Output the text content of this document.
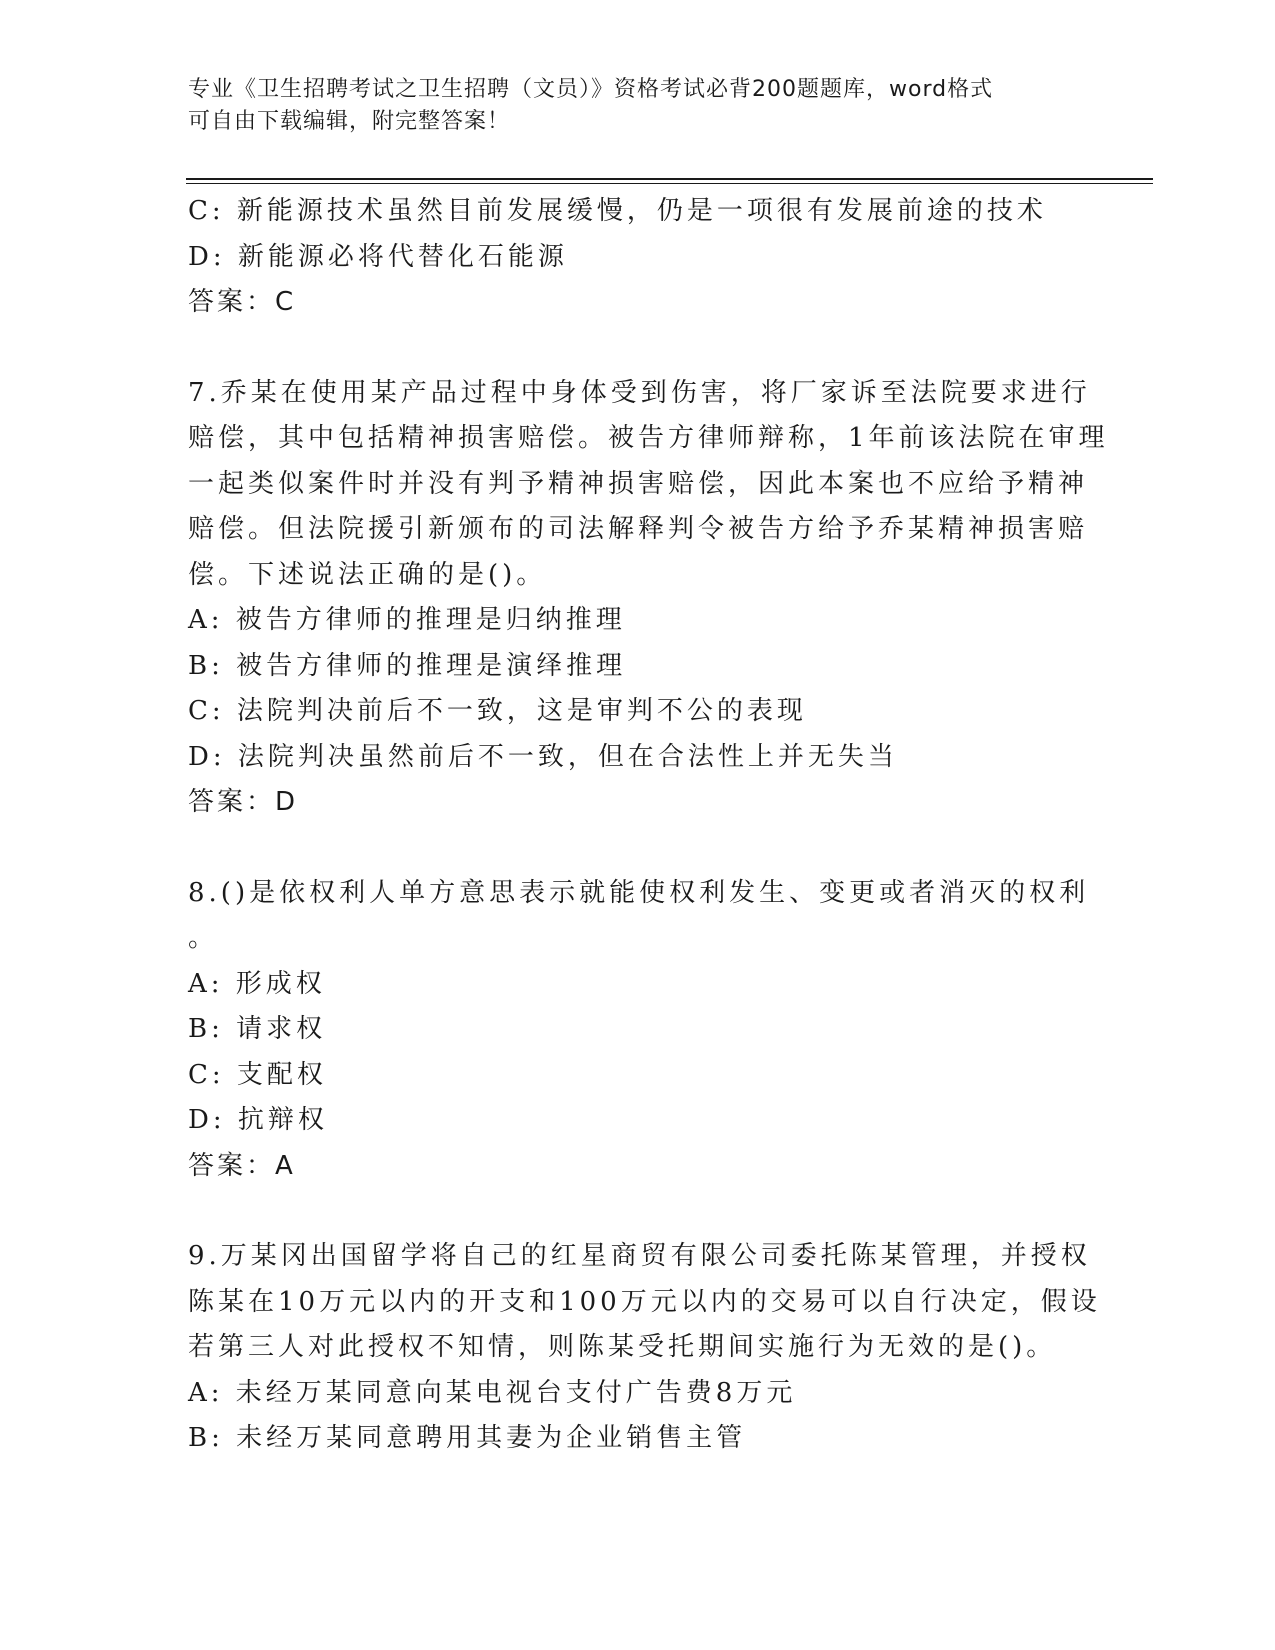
专业《卫生招聘考试之卫生招聘（文员）》资格考试必背200题题库，word格式
可自由下载编辑，附完整答案！
C: 新能源技术虽然目前发展缓慢，仍是一项很有发展前途的技术
D: 新能源必将代替化石能源
答案：C
7.乔某在使用某产品过程中身体受到伤害，将厂家诉至法院要求进行
赔偿，其中包括精神损害赔偿。被告方律师辩称，1年前该法院在审理
一起类似案件时并没有判予精神损害赔偿，因此本案也不应给予精神
赔偿。但法院援引新颁布的司法解释判令被告方给予乔某精神损害赔
偿。下述说法正确的是()。
A: 被告方律师的推理是归纳推理
B: 被告方律师的推理是演绎推理
C: 法院判决前后不一致，这是审判不公的表现
D: 法院判决虽然前后不一致，但在合法性上并无失当
答案：D
8.()是依权利人单方意思表示就能使权利发生、变更或者消灭的权利
。
A: 形成权
B: 请求权
C: 支配权
D: 抗辩权
答案：A
9.万某冈出国留学将自己的红星商贸有限公司委托陈某管理，并授权
陈某在10万元以内的开支和100万元以内的交易可以自行决定，假设
若第三人对此授权不知情，则陈某受托期间实施行为无效的是()。
A: 未经万某同意向某电视台支付广告费8万元
B: 未经万某同意聘用其妻为企业销售主管
